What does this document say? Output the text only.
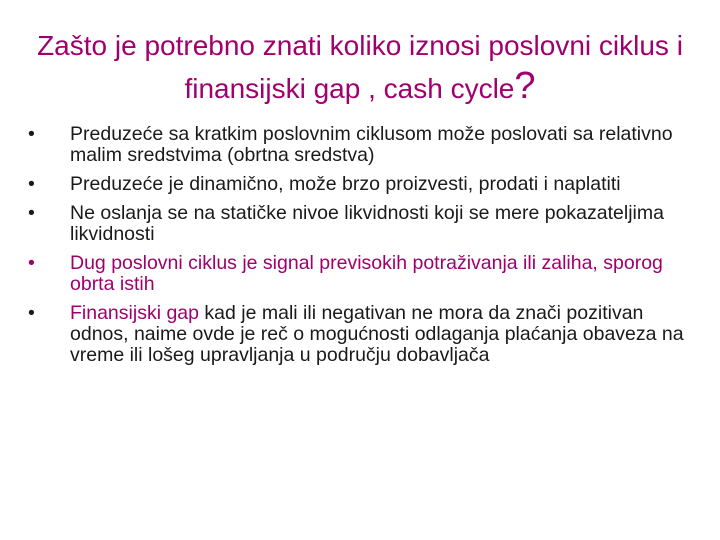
Zašto je potrebno znati koliko iznosi poslovni ciklus i finansijski gap , cash cycle?
•	Preduzeće sa kratkim poslovnim ciklusom može poslovati sa relativno malim sredstvima (obrtna sredstva)
•	Preduzeće je dinamično, može brzo proizvesti, prodati i naplatiti
•	Ne oslanja se na statičke nivoe likvidnosti koji se mere pokazateljima likvidnosti
•	Dug poslovni ciklus je signal previsokih potraživanja ili zaliha, sporog obrta istih
•	Finansijski gap kad je mali ili negativan ne mora da znači pozitivan odnos, naime ovde je reč o mogućnosti odlaganja plaćanja obaveza na vreme ili lošeg upravljanja u području dobavljača
